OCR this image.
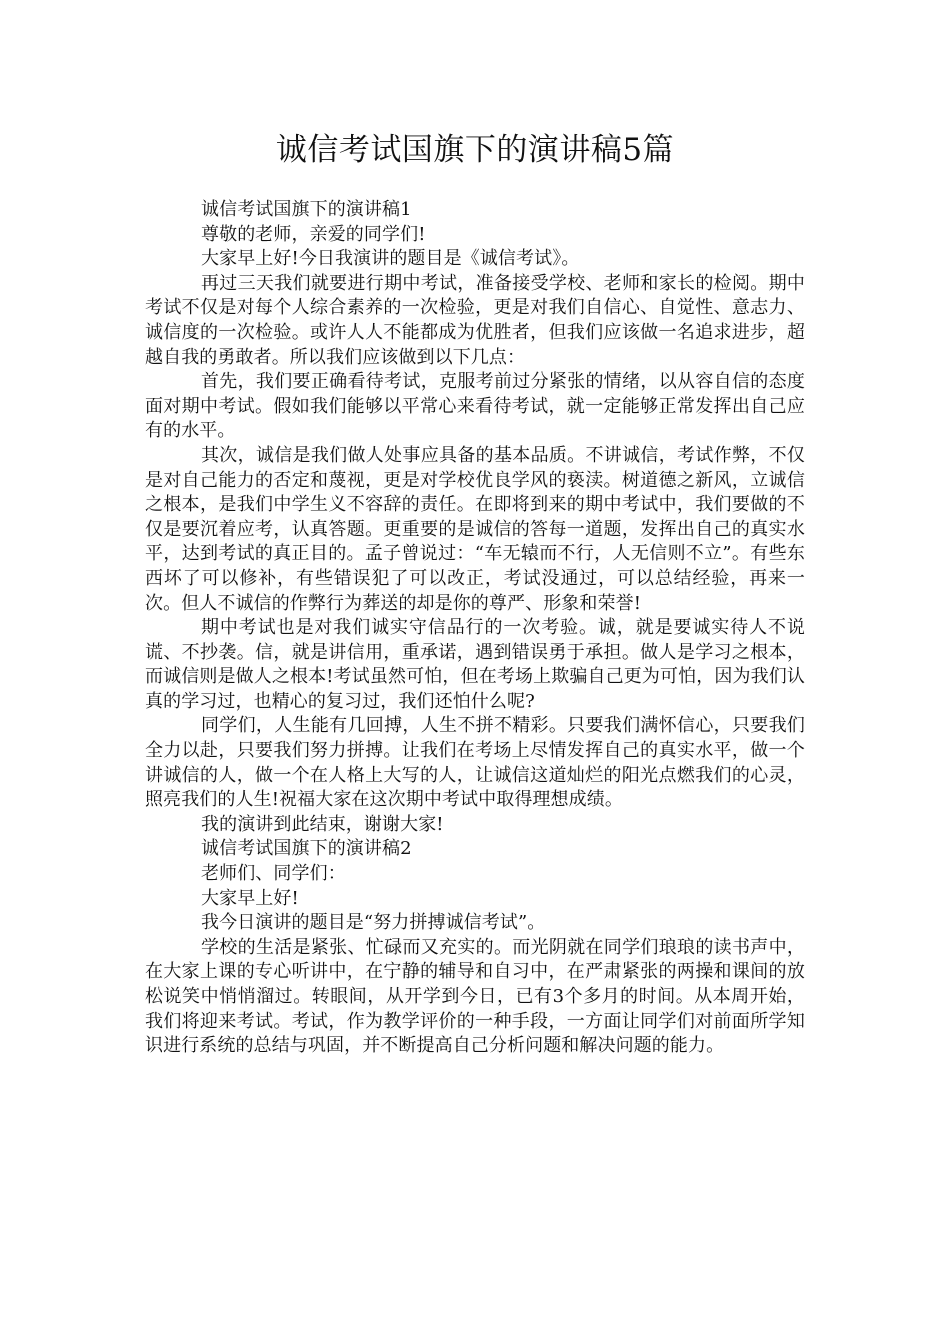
诚信考试国旗下的演讲稿5篇

诚信考试国旗下的演讲稿1

尊敬的老师，亲爱的同学们!

大家早上好!今日我演讲的题目是《诚信考试》。

再过三天我们就要进行期中考试，准备接受学校、老师和家长的检阅。期中考试不仅是对每个人综合素养的一次检验，更是对我们自信心、自觉性、意志力、诚信度的一次检验。或许人人不能都成为优胜者，但我们应该做一名追求进步，超越自我的勇敢者。所以我们应该做到以下几点：

首先，我们要正确看待考试，克服考前过分紧张的情绪，以从容自信的态度面对期中考试。假如我们能够以平常心来看待考试，就一定能够正常发挥出自己应有的水平。

其次，诚信是我们做人处事应具备的基本品质。不讲诚信，考试作弊，不仅是对自己能力的否定和蔑视，更是对学校优良学风的亵渎。树道德之新风，立诚信之根本，是我们中学生义不容辞的责任。在即将到来的期中考试中，我们要做的不仅是要沉着应考，认真答题。更重要的是诚信的答每一道题，发挥出自己的真实水平，达到考试的真正目的。孟子曾说过：“车无辕而不行，人无信则不立”。有些东西坏了可以修补，有些错误犯了可以改正，考试没通过，可以总结经验，再来一次。但人不诚信的作弊行为葬送的却是你的尊严、形象和荣誉!

期中考试也是对我们诚实守信品行的一次考验。诚，就是要诚实待人不说谎、不抄袭。信，就是讲信用，重承诺，遇到错误勇于承担。做人是学习之根本，而诚信则是做人之根本!考试虽然可怕，但在考场上欺骗自己更为可怕，因为我们认真的学习过，也精心的复习过，我们还怕什么呢?

同学们，人生能有几回搏，人生不拼不精彩。只要我们满怀信心，只要我们全力以赴，只要我们努力拼搏。让我们在考场上尽情发挥自己的真实水平，做一个讲诚信的人，做一个在人格上大写的人，让诚信这道灿烂的阳光点燃我们的心灵，照亮我们的人生!祝福大家在这次期中考试中取得理想成绩。

我的演讲到此结束，谢谢大家!

诚信考试国旗下的演讲稿2

老师们、同学们：

大家早上好!

我今日演讲的题目是“努力拼搏诚信考试”。

学校的生活是紧张、忙碌而又充实的。而光阴就在同学们琅琅的读书声中，在大家上课的专心听讲中，在宁静的辅导和自习中，在严肃紧张的两操和课间的放松说笑中悄悄溜过。转眼间，从开学到今日，已有3个多月的时间。从本周开始，我们将迎来考试。考试，作为教学评价的一种手段，一方面让同学们对前面所学知识进行系统的总结与巩固，并不断提高自己分析问题和解决问题的能力。
